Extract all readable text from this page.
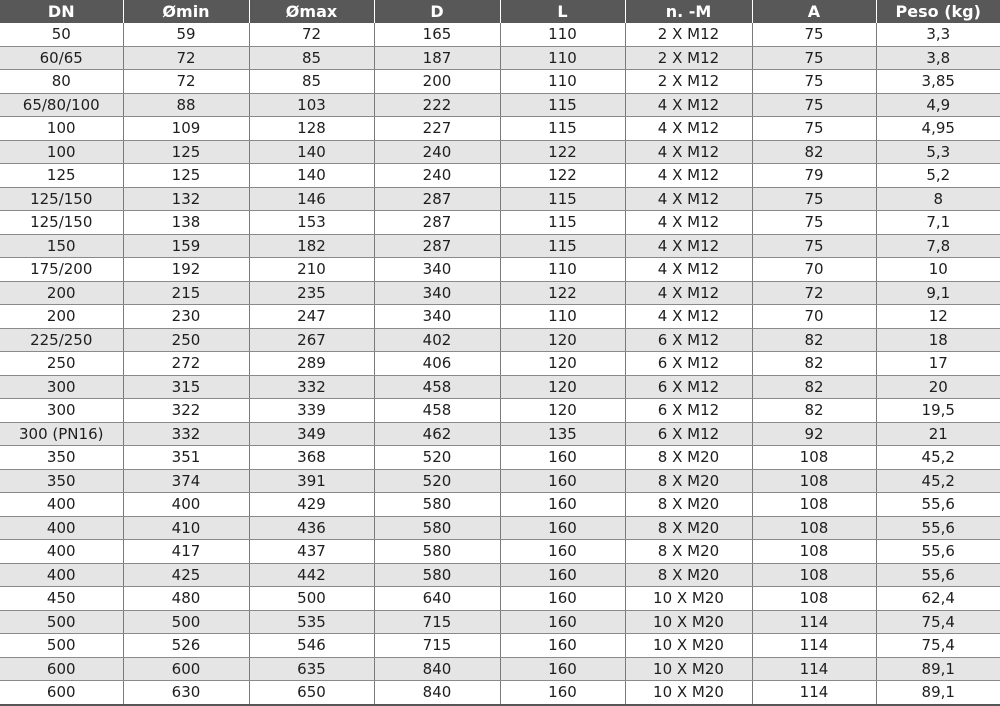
DN	Ømin	Ømax	D	L	n. -M	A	Peso (kg)
50	59	72	165	110	2 X M12	75	3,3
60/65	72	85	187	110	2 X M12	75	3,8
80	72	85	200	110	2 X M12	75	3,85
65/80/100	88	103	222	115	4 X M12	75	4,9
100	109	128	227	115	4 X M12	75	4,95
100	125	140	240	122	4 X M12	82	5,3
125	125	140	240	122	4 X M12	79	5,2
125/150	132	146	287	115	4 X M12	75	8
125/150	138	153	287	115	4 X M12	75	7,1
150	159	182	287	115	4 X M12	75	7,8
175/200	192	210	340	110	4 X M12	70	10
200	215	235	340	122	4 X M12	72	9,1
200	230	247	340	110	4 X M12	70	12
225/250	250	267	402	120	6 X M12	82	18
250	272	289	406	120	6 X M12	82	17
300	315	332	458	120	6 X M12	82	20
300	322	339	458	120	6 X M12	82	19,5
300 (PN16)	332	349	462	135	6 X M12	92	21
350	351	368	520	160	8 X M20	108	45,2
350	374	391	520	160	8 X M20	108	45,2
400	400	429	580	160	8 X M20	108	55,6
400	410	436	580	160	8 X M20	108	55,6
400	417	437	580	160	8 X M20	108	55,6
400	425	442	580	160	8 X M20	108	55,6
450	480	500	640	160	10 X M20	108	62,4
500	500	535	715	160	10 X M20	114	75,4
500	526	546	715	160	10 X M20	114	75,4
600	600	635	840	160	10 X M20	114	89,1
600	630	650	840	160	10 X M20	114	89,1
